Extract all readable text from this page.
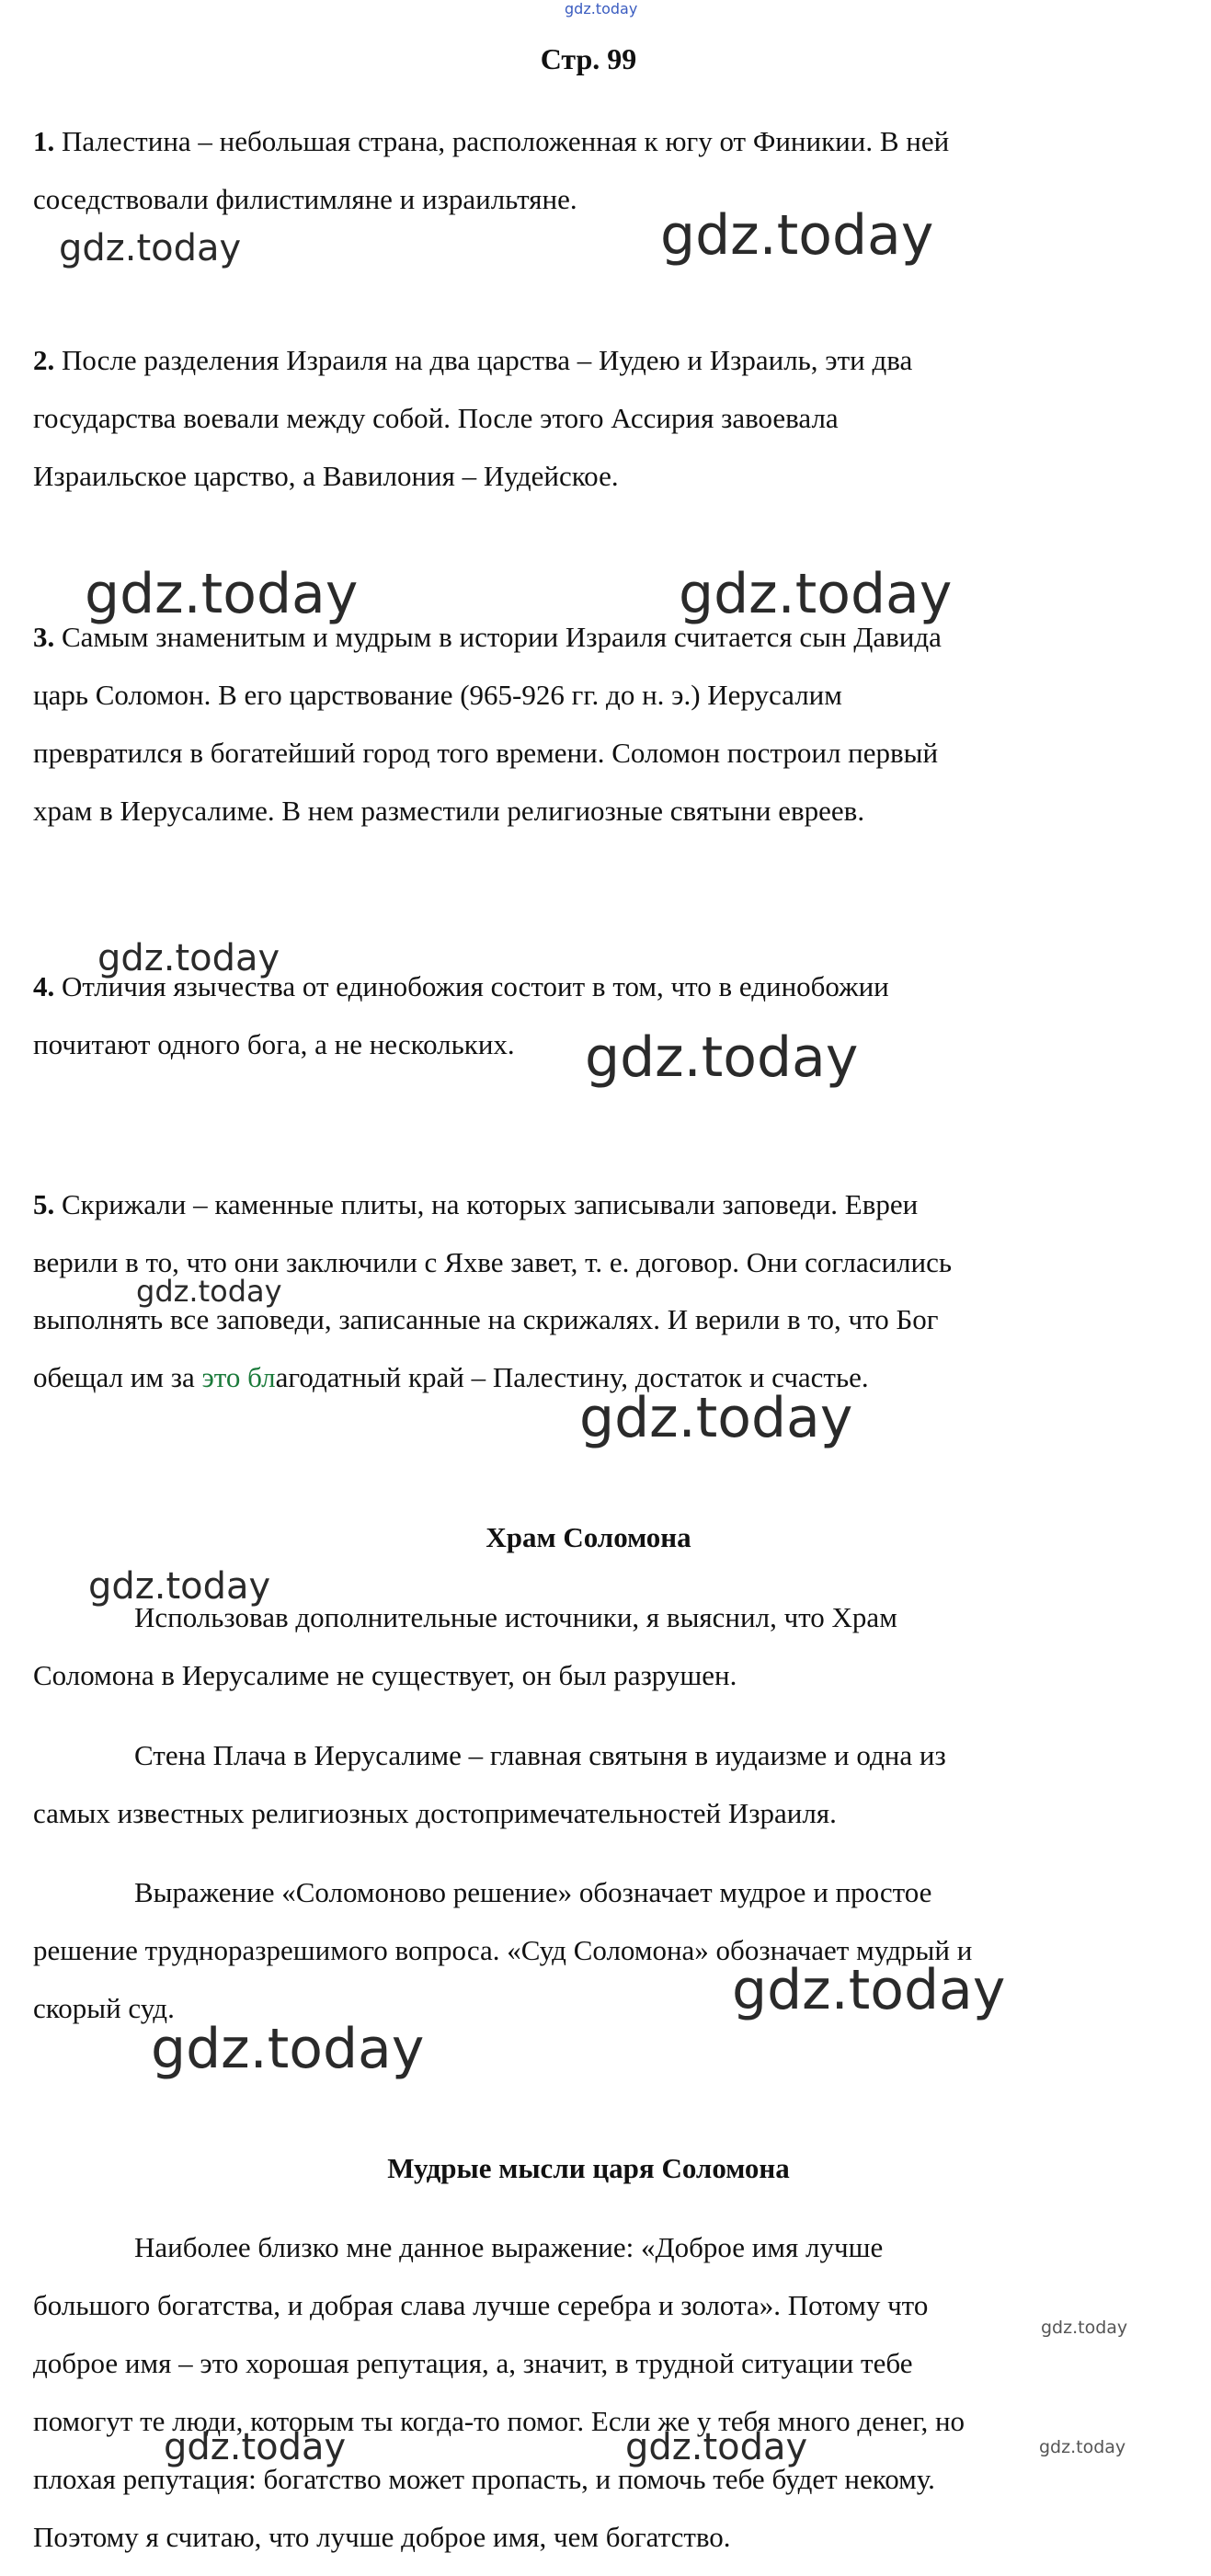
gdz.today
Стр. 99
1. Палестина – небольшая страна, расположенная к югу от Финикии. В ней
соседствовали филистимляне и израильтяне.
gdz.today	gdz.today
2. После разделения Израиля на два царства – Иудею и Израиль, эти два
государства воевали между собой. После этого Ассирия завоевала
Израильское царство, а Вавилония – Иудейское.
gdz.today	gdz.today
3. Самым знаменитым и мудрым в истории Израиля считается сын Давида
царь Соломон. В его царствование (965-926 гг. до н. э.) Иерусалим
превратился в богатейший город того времени. Соломон построил первый
храм в Иерусалиме. В нем разместили религиозные святыни евреев.
gdz.today
4. Отличия язычества от единобожия состоит в том, что в единобожии
почитают одного бога, а не нескольких. gdz.today
5. Скрижали – каменные плиты, на которых записывали заповеди. Евреи
верили в то, что они заключили с Яхве завет, т. е. договор. Они согласились
gdz.today
выполнять все заповеди, записанные на скрижалях. И верили в то, что Бог
обещал им за это благодатный край – Палестину, достаток и счастье.
gdz.today
Храм Соломона
gdz.today
Использовав дополнительные источники, я выяснил, что Храм
Соломона в Иерусалиме не существует, он был разрушен.
Стена Плача в Иерусалиме – главная святыня в иудаизме и одна из
самых известных религиозных достопримечательностей Израиля.
Выражение «Соломоново решение» обозначает мудрое и простое
решение трудноразрешимого вопроса. «Суд Соломона» обозначает мудрый и
скорый суд.	gdz.today
gdz.today
Мудрые мысли царя Соломона
Наиболее близко мне данное выражение: «Доброе имя лучше
большого богатства, и добрая слава лучше серебра и золота». Потому что
gdz.today
доброе имя – это хорошая репутация, а, значит, в трудной ситуации тебе
помогут те люди, которым ты когда-то помог. Если же у тебя много денег, но
gdz.today	gdz.today	gdz.today
плохая репутация: богатство может пропасть, и помочь тебе будет некому.
Поэтому я считаю, что лучше доброе имя, чем богатство.
